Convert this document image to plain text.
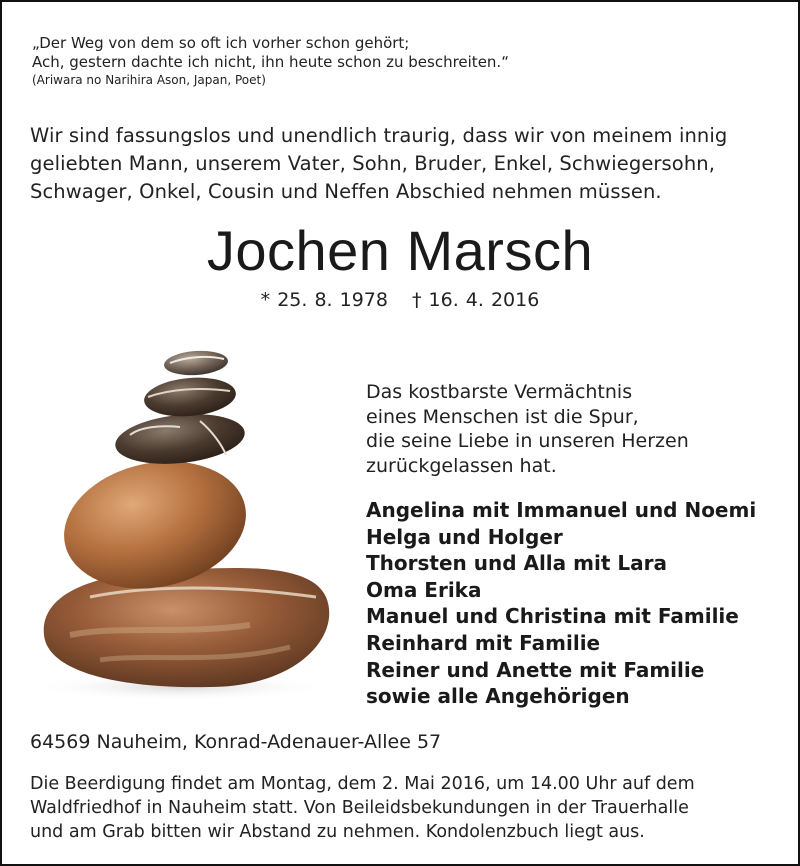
„Der Weg von dem so oft ich vorher schon gehört;
Ach, gestern dachte ich nicht, ihn heute schon zu beschreiten.“
(Ariwara no Narihira Ason, Japan, Poet)
Wir sind fassungslos und unendlich traurig, dass wir von meinem innig
geliebten Mann, unserem Vater, Sohn, Bruder, Enkel, Schwiegersohn,
Schwager, Onkel, Cousin und Neffen Abschied nehmen müssen.
Jochen Marsch
* 25. 8. 1978 † 16. 4. 2016
Das kostbarste Vermächtnis
eines Menschen ist die Spur,
die seine Liebe in unseren Herzen
zurückgelassen hat.
Angelina mit Immanuel und Noemi
Helga und Holger
Thorsten und Alla mit Lara
Oma Erika
Manuel und Christina mit Familie
Reinhard mit Familie
Reiner und Anette mit Familie
sowie alle Angehörigen
64569 Nauheim, Konrad-Adenauer-Allee 57
Die Beerdigung findet am Montag, dem 2. Mai 2016, um 14.00 Uhr auf dem
Waldfriedhof in Nauheim statt. Von Beileidsbekundungen in der Trauerhalle
und am Grab bitten wir Abstand zu nehmen. Kondolenzbuch liegt aus.
